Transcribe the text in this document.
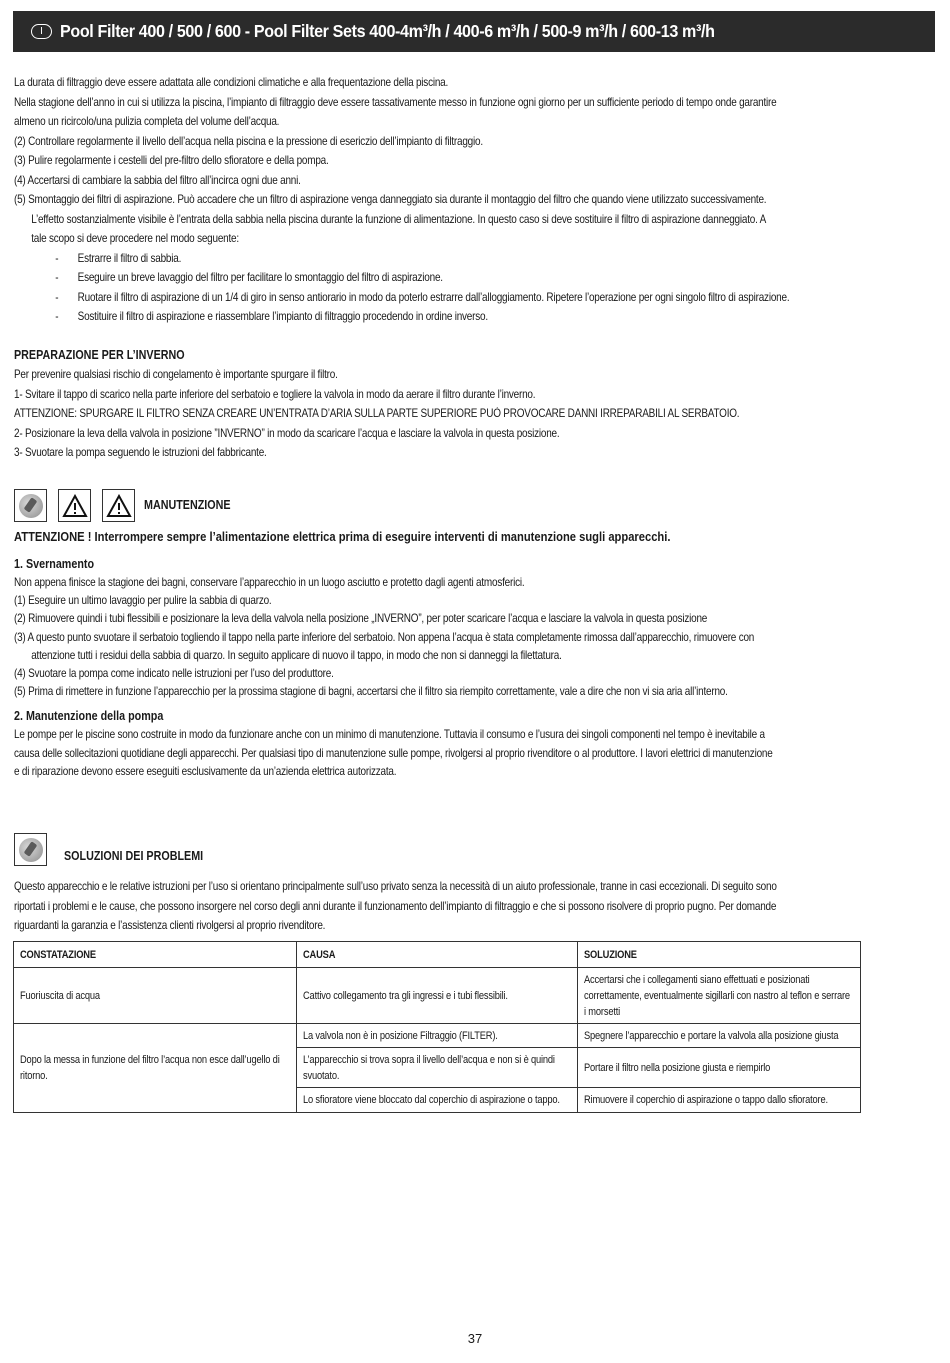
I Pool Filter 400 / 500 / 600 - Pool Filter Sets 400-4m³/h / 400-6 m³/h / 500-9 m³/h / 600-13 m³/h
La durata di filtraggio deve essere adattata alle condizioni climatiche e alla frequentazione della piscina.
Nella stagione dell’anno in cui si utilizza la piscina, l’impianto di filtraggio deve essere tassativamente messo in funzione ogni giorno per un sufficiente periodo di tempo onde garantire
almeno un ricircolo/una pulizia completa del volume dell’acqua.
(2) Controllare regolarmente il livello dell’acqua nella piscina e la pressione di esericzio dell’impianto di filtraggio.
(3) Pulire regolarmente i cestelli del pre-filtro dello sfioratore e della pompa.
(4) Accertarsi di cambiare la sabbia del filtro all’incirca ogni due anni.
(5) Smontaggio dei filtri di aspirazione. Può accadere che un filtro di aspirazione venga danneggiato sia durante il montaggio del filtro che quando viene utilizzato successivamente.
L’effetto sostanzialmente visibile è l’entrata della sabbia nella piscina durante la funzione di alimentazione. In questo caso si deve sostituire il filtro di aspirazione danneggiato. A
tale scopo si deve procedere nel modo seguente:
- Estrarre il filtro di sabbia.
- Eseguire un breve lavaggio del filtro per facilitare lo smontaggio del filtro di aspirazione.
- Ruotare il filtro di aspirazione di un 1/4 di giro in senso antiorario in modo da poterlo estrarre dall’alloggiamento. Ripetere l’operazione per ogni singolo filtro di aspirazione.
- Sostituire il filtro di aspirazione e riassemblare l’impianto di filtraggio procedendo in ordine inverso.
PREPARAZIONE PER L’INVERNO
Per prevenire qualsiasi rischio di congelamento è importante spurgare il filtro.
1- Svitare il tappo di scarico nella parte inferiore del serbatoio e togliere la valvola in modo da aerare il filtro durante l’inverno.
ATTENZIONE: SPURGARE IL FILTRO SENZA CREARE UN’ENTRATA D’ARIA SULLA PARTE SUPERIORE PUÒ PROVOCARE DANNI IRREPARABILI AL SERBATOIO.
2- Posizionare la leva della valvola in posizione ”INVERNO” in modo da scaricare l’acqua e lasciare la valvola in questa posizione.
3- Svuotare la pompa seguendo le istruzioni del fabbricante.
MANUTENZIONE
ATTENZIONE ! Interrompere sempre l’alimentazione elettrica prima di eseguire interventi di manutenzione sugli apparecchi.
1. Svernamento
Non appena finisce la stagione dei bagni, conservare l’apparecchio in un luogo asciutto e protetto dagli agenti atmosferici.
(1) Eseguire un ultimo lavaggio per pulire la sabbia di quarzo.
(2) Rimuovere quindi i tubi flessibili e posizionare la leva della valvola nella posizione „INVERNO”, per poter scaricare l’acqua e lasciare la valvola in questa posizione
(3) A questo punto svuotare il serbatoio togliendo il tappo nella parte inferiore del serbatoio. Non appena l’acqua è stata completamente rimossa dall’apparecchio, rimuovere con
attenzione tutti i residui della sabbia di quarzo. In seguito applicare di nuovo il tappo, in modo che non si danneggi la filettatura.
(4) Svuotare la pompa come indicato nelle istruzioni per l’uso del produttore.
(5) Prima di rimettere in funzione l’apparecchio per la prossima stagione di bagni, accertarsi che il filtro sia riempito correttamente, vale a dire che non vi sia aria all’interno.
2. Manutenzione della pompa
Le pompe per le piscine sono costruite in modo da funzionare anche con un minimo di manutenzione. Tuttavia il consumo e l’usura dei singoli componenti nel tempo è inevitabile a
causa delle sollecitazioni quotidiane degli apparecchi. Per qualsiasi tipo di manutenzione sulle pompe, rivolgersi al proprio rivenditore o al produttore. I lavori elettrici di manutenzione
e di riparazione devono essere eseguiti esclusivamente da un’azienda elettrica autorizzata.
SOLUZIONI DEI PROBLEMI
Questo apparecchio e le relative istruzioni per l’uso si orientano principalmente sull’uso privato senza la necessità di un aiuto professionale, tranne in casi eccezionali. Di seguito sono
riportati i problemi e le cause, che possono insorgere nel corso degli anni durante il funzionamento dell’impianto di filtraggio e che si possono risolvere di proprio pugno. Per domande
riguardanti la garanzia e l’assistenza clienti rivolgersi al proprio rivenditore.
CONSTATAZIONE	CAUSA	SOLUZIONE

Fuoriuscita di acqua	Cattivo collegamento tra gli ingressi e i tubi flessibili.	Accertarsi che i collegamenti siano effettuati e posizionati correttamente, eventualmente sigillarli con nastro al teflon e serrare i morsetti

Dopo la messa in funzione del filtro l’acqua non esce dall’ugello di ritorno.	La valvola non è in posizione Filtraggio (FILTER).	Spegnere l’apparecchio e portare la valvola alla posizione giusta

	L’apparecchio si trova sopra il livello dell’acqua e non si è quindi svuotato.	Portare il filtro nella posizione giusta e riempirlo

	Lo sfioratore viene bloccato dal coperchio di aspirazione o tappo.	Rimuovere il coperchio di aspirazione o tappo dallo sfioratore.
37
